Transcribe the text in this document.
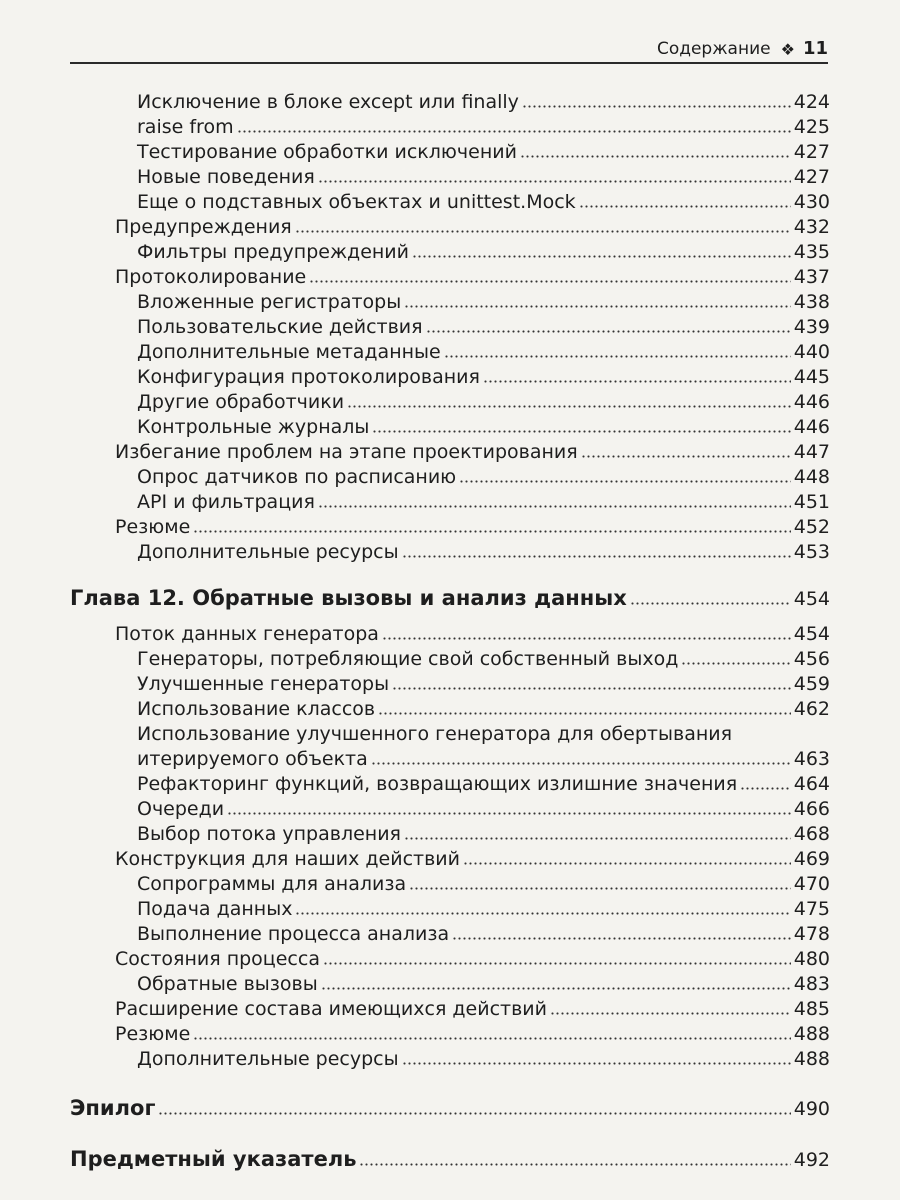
Содержание ❖ 11
Исключение в блоке except или finally	424
raise from	425
Тестирование обработки исключений	427
Новые поведения	427
Еще о подставных объектах и unittest.Mock	430
Предупреждения	432
Фильтры предупреждений	435
Протоколирование	437
Вложенные регистраторы	438
Пользовательские действия	439
Дополнительные метаданные	440
Конфигурация протоколирования	445
Другие обработчики	446
Контрольные журналы	446
Избегание проблем на этапе проектирования	447
Опрос датчиков по расписанию	448
API и фильтрация	451
Резюме	452
Дополнительные ресурсы	453
Глава 12. Обратные вызовы и анализ данных	454
Поток данных генератора	454
Генераторы, потребляющие свой собственный выход	456
Улучшенные генераторы	459
Использование классов	462
Использование улучшенного генератора для обертывания
итерируемого объекта	463
Рефакторинг функций, возвращающих излишние значения	464
Очереди	466
Выбор потока управления	468
Конструкция для наших действий	469
Сопрограммы для анализа	470
Подача данных	475
Выполнение процесса анализа	478
Состояния процесса	480
Обратные вызовы	483
Расширение состава имеющихся действий	485
Резюме	488
Дополнительные ресурсы	488
Эпилог	490
Предметный указатель	492
